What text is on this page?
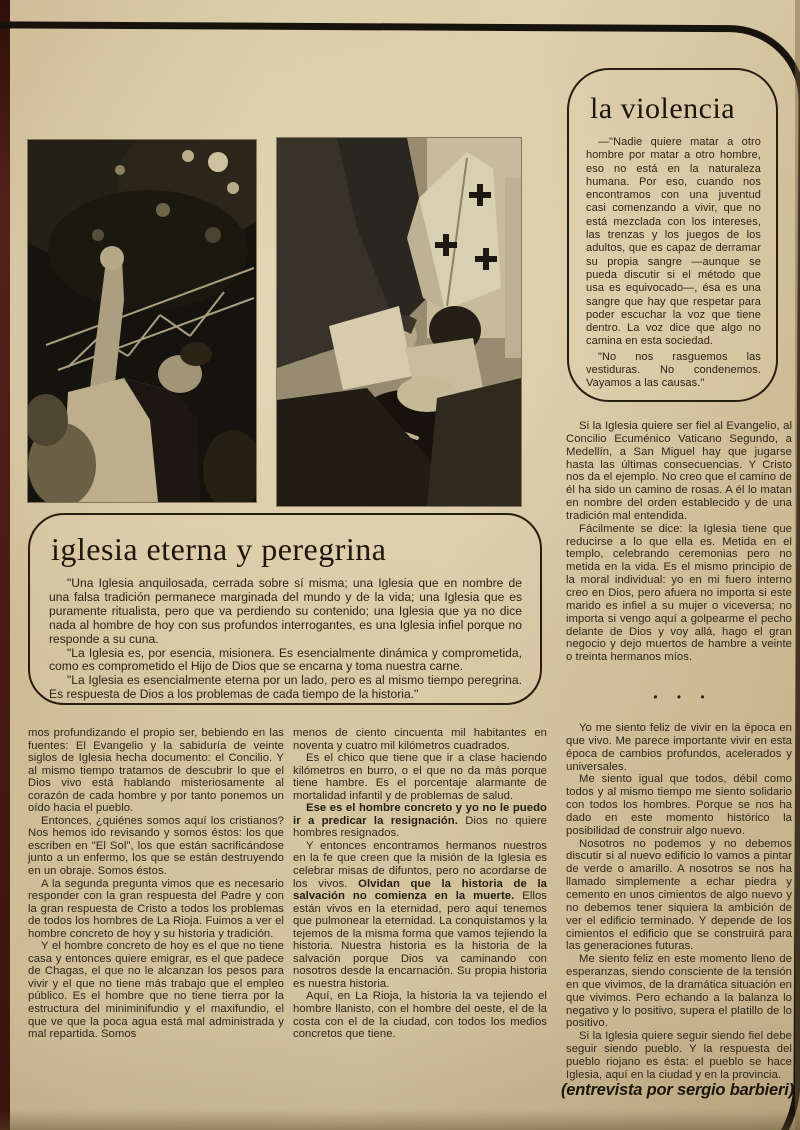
la violencia

—"Nadie quiere matar a otro hombre por matar a otro hombre, eso no está en la naturaleza humana. Por eso, cuando nos encontramos con una juventud casi comenzando a vivir, que no está mezclada con los intereses, las trenzas y los juegos de los adultos, que es capaz de derramar su propia sangre —aunque se pueda discutir si el método que usa es equivocado—, ésa es una sangre que hay que respetar para poder escuchar la voz que tiene dentro. La voz dice que algo no camina en esta sociedad.

"No nos rasguemos las vestiduras. No condenemos. Vayamos a las causas."

iglesia eterna y peregrina

"Una Iglesia anquilosada, cerrada sobre sí misma; una Iglesia que en nombre de una falsa tradición permanece marginada del mundo y de la vida; una Iglesia que es puramente ritualista, pero que va perdiendo su contenido; una Iglesia que ya no dice nada al hombre de hoy con sus profundos interrogantes, es una Iglesia infiel porque no responde a su cuna.

"La Iglesia es, por esencia, misionera. Es esencialmente dinámica y comprometida, como es comprometido el Hijo de Dios que se encarna y toma nuestra carne.

"La Iglesia es esencialmente eterna por un lado, pero es al mismo tiempo peregrina. Es respuesta de Dios a los problemas de cada tiempo de la historia."

Si la Iglesia quiere ser fiel al Evangelio, al Concilio Ecuménico Vaticano Segundo, a Medellín, a San Miguel hay que jugarse hasta las últimas consecuencias. Y Cristo nos da el ejemplo. No creo que el camino de él ha sido un camino de rosas. A él lo matan en nombre del orden establecido y de una tradición mal entendida.

Fácilmente se dice: la Iglesia tiene que reducirse a lo que ella es. Metida en el templo, celebrando ceremonias pero no metida en la vida. Es el mismo principio de la moral individual: yo en mi fuero interno creo en Dios, pero afuera no importa si este marido es infiel a su mujer o viceversa; no importa si vengo aquí a golpearme el pecho delante de Dios y voy allá, hago el gran negocio y dejo muertos de hambre a veinte o treinta hermanos míos.

• • •

mos profundizando el propio ser, bebiendo en las fuentes: El Evangelio y la sabiduría de veinte siglos de Iglesia hecha documento: el Concilio. Y al mismo tiempo tratamos de descubrir lo que el Dios vivo está hablando misteriosamente al corazón de cada hombre y por tanto ponemos un oído hacia el pueblo.

Entonces, ¿quiénes somos aquí los cristianos? Nos hemos ido revisando y somos éstos: los que escriben en "El Sol", los que están sacrificándose junto a un enfermo, los que se están destruyendo en un obraje. Somos éstos.

A la segunda pregunta vimos que es necesario responder con la gran respuesta del Padre y con la gran respuesta de Cristo a todos los problemas de todos los hombres de La Rioja. Fuimos a ver el hombre concreto de hoy y su historia y tradición.

Y el hombre concreto de hoy es el que no tiene casa y entonces quiere emigrar, es el que padece de Chagas, el que no le alcanzan los pesos para vivir y el que no tiene más trabajo que el empleo público. Es el hombre que no tiene tierra por la estructura del miniminifundio y el maxifundio, el que ve que la poca agua está mal administrada y mal repartida. Somos

menos de ciento cincuenta mil habitantes en noventa y cuatro mil kilómetros cuadrados.

Es el chico que tiene que ir a clase haciendo kilómetros en burro, o el que no da más porque tiene hambre. Es el porcentaje alarmante de mortalidad infantil y de problemas de salud.

Ese es el hombre concreto y yo no le puedo ir a predicar la resignación. Dios no quiere hombres resignados.

Y entonces encontramos hermanos nuestros en la fe que creen que la misión de la Iglesia es celebrar misas de difuntos, pero no acordarse de los vivos. Olvidan que la historia de la salvación no comienza en la muerte. Ellos están vivos en la eternidad, pero aquí tenemos que pulmonear la eternidad. La conquistamos y la tejemos de la misma forma que vamos tejiendo la historia. Nuestra historia es la historia de la salvación porque Dios va caminando con nosotros desde la encarnación. Su propia historia es nuestra historia.

Aquí, en La Rioja, la historia la va tejiendo el hombre llanisto, con el hombre del oeste, el de la costa con el de la ciudad, con todos los medios concretos que tiene.

Yo me siento feliz de vivir en la época en que vivo. Me parece importante vivir en esta época de cambios profundos, acelerados y universales.

Me siento igual que todos, débil como todos y al mismo tiempo me siento solidario con todos los hombres. Porque se nos ha dado en este momento histórico la posibilidad de construir algo nuevo.

Nosotros no podemos y no debemos discutir si al nuevo edificio lo vamos a pintar de verde o amarillo. A nosotros se nos ha llamado simplemente a echar piedra y cemento en unos cimientos de algo nuevo y no debemos tener siquiera la ambición de ver el edificio terminado. Y depende de los cimientos el edificio que se construirá para las generaciones futuras.

Me siento feliz en este momento lleno de esperanzas, siendo consciente de la tensión en que vivimos, de la dramática situación en que vivimos. Pero echando a la balanza lo negativo y lo positivo, supera el platillo de lo positivo.

Si la Iglesia quiere seguir siendo fiel debe seguir siendo pueblo. Y la respuesta del pueblo riojano es ésta: el pueblo se hace Iglesia, aquí en la ciudad y en la provincia.

(entrevista por sergio barbieri)
